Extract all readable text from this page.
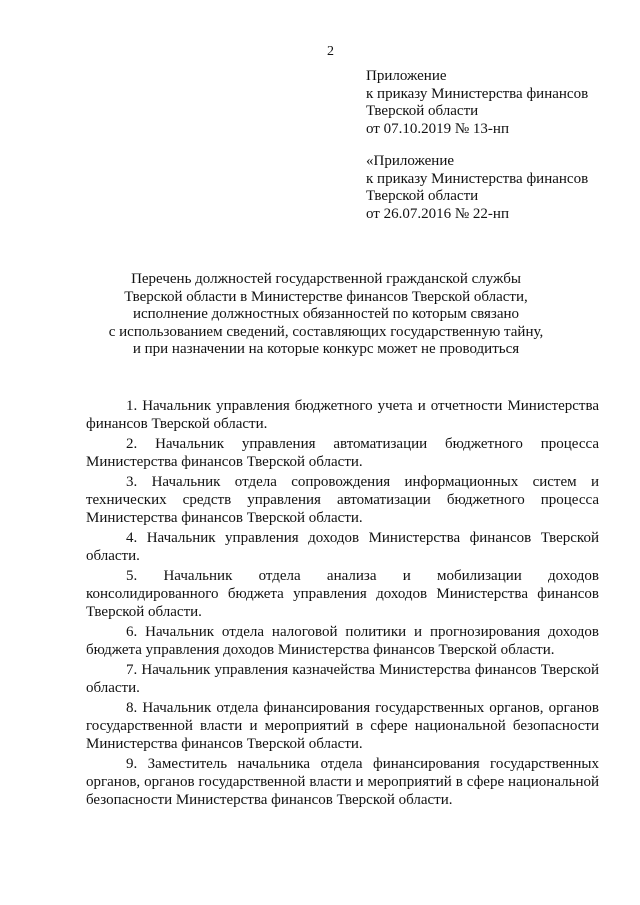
2
Приложение
к приказу Министерства финансов
Тверской области
от 07.10.2019 № 13-нп
«Приложение
к приказу Министерства финансов
Тверской области
от 26.07.2016 № 22-нп
Перечень должностей государственной гражданской службы
Тверской области в Министерстве финансов Тверской области,
исполнение должностных обязанностей по которым связано
с использованием сведений, составляющих государственную тайну,
и при назначении на которые конкурс может не проводиться
1. Начальник управления бюджетного учета и отчетности Министерства финансов Тверской области.
2. Начальник управления автоматизации бюджетного процесса Министерства финансов Тверской области.
3. Начальник отдела сопровождения информационных систем и технических средств управления автоматизации бюджетного процесса Министерства финансов Тверской области.
4. Начальник управления доходов Министерства финансов Тверской области.
5. Начальник отдела анализа и мобилизации доходов консолидированного бюджета управления доходов Министерства финансов Тверской области.
6. Начальник отдела налоговой политики и прогнозирования доходов бюджета управления доходов Министерства финансов Тверской области.
7. Начальник управления казначейства Министерства финансов Тверской области.
8. Начальник отдела финансирования государственных органов, органов государственной власти и мероприятий в сфере национальной безопасности Министерства финансов Тверской области.
9. Заместитель начальника отдела финансирования государственных органов, органов государственной власти и мероприятий в сфере национальной безопасности Министерства финансов Тверской области.
